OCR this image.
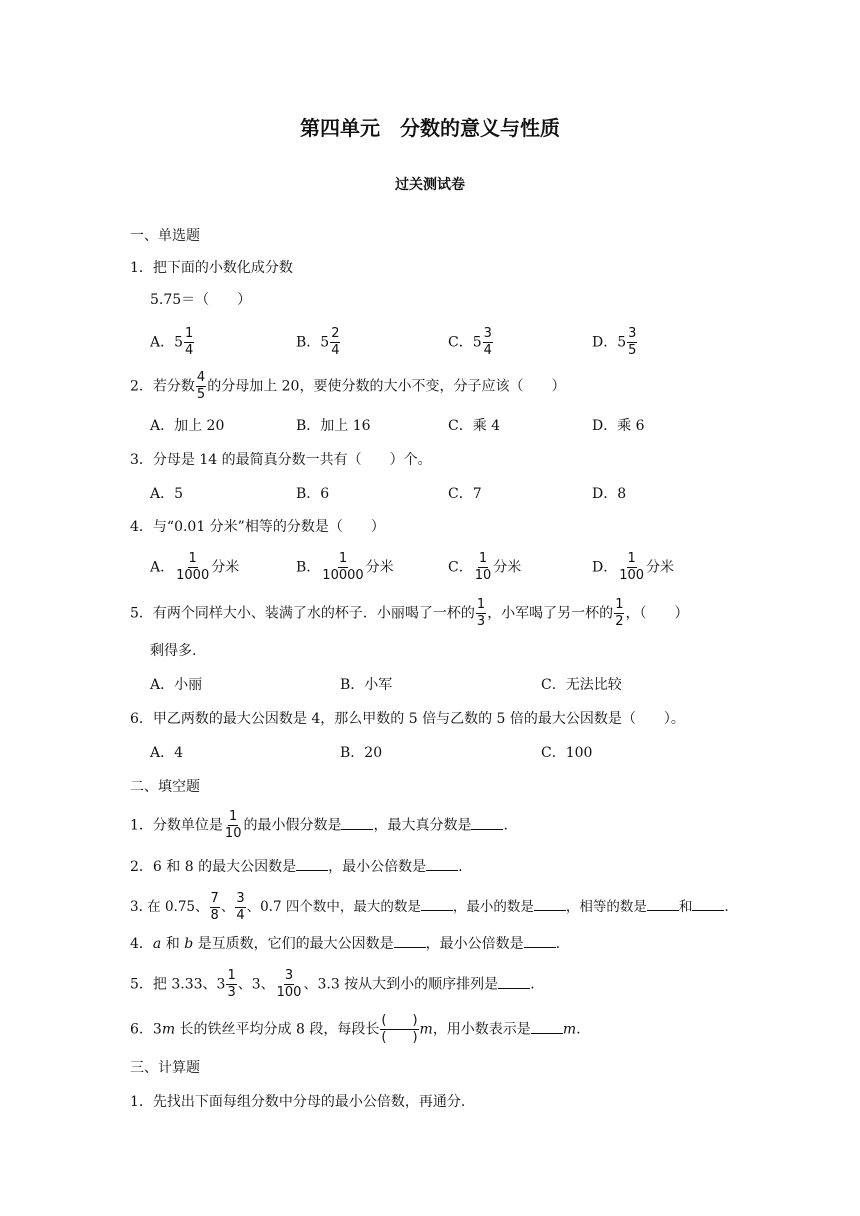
第四单元　分数的意义与性质
过关测试卷
一、单选题
1．把下面的小数化成分数
5.75＝（　　）
A．$5 \frac{1}{4}$	B．$5 \frac{2}{4}$	C．$5 \frac{3}{4}$	D．$5 \frac{3}{5}$
2．若分数 $\frac{4}{5}$ 的分母加上 20，要使分数的大小不变，分子应该（　　）
A．加上 20	B．加上 16	C．乘 4	D．乘 6
3．分母是 14 的最简真分数一共有（　　）个。
A．5	B．6	C．7	D．8
4．与“0.01 分米”相等的分数是（　　）
A． $\frac{1}{1000}$ 分米	B． $\frac{1}{10000}$ 分米	C． $\frac{1}{10}$ 分米	D． $\frac{1}{100}$ 分米
5．有两个同样大小、装满了水的杯子．小丽喝了一杯的 $\frac{1}{3}$ ，小军喝了另一杯的 $\frac{1}{2}$ ，（　　）
剩得多.
A．小丽	B．小军	C．无法比较
6．甲乙两数的最大公因数是 4，那么甲数的 5 倍与乙数的 5 倍的最大公因数是（　　）。
A．4	B．20	C．100
二、填空题
1．分数单位是 $\frac{1}{10}$ 的最小假分数是 ，最大真分数是 .
2．6 和 8 的最大公因数是 ，最小公倍数是 .
3. 在 0.75、 $\frac{7}{8}$ 、 $\frac{3}{4}$ 、0.7 四个数中，最大的数是 ，最小的数是 ，相等的数是 和 .
4．a 和 b 是互质数，它们的最大公因数是 ，最小公倍数是 .
5．把 3.33、$3 \frac{1}{3}$ 、3、 $\frac{3}{100}$ 、3.3 按从大到小的顺序排列是 .
6．3m 长的铁丝平均分成 8 段，每段长 $\frac{( )}{( )}$ m，用小数表示是 m.
三、计算题
1．先找出下面每组分数中分母的最小公倍数，再通分.
